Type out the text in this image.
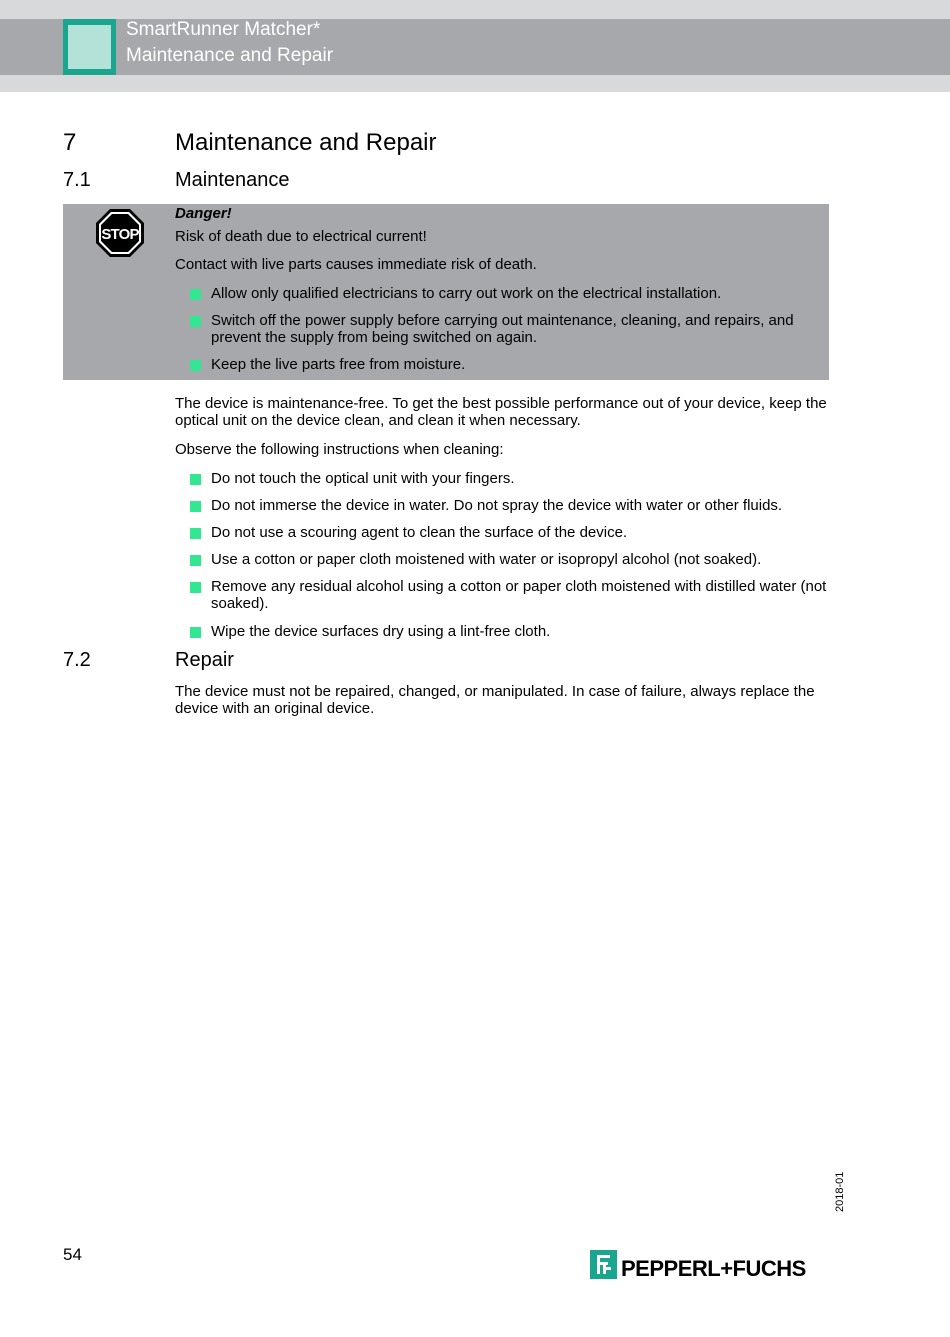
SmartRunner Matcher*
Maintenance and Repair
7	Maintenance and Repair
7.1	Maintenance
STOP
Danger!
Risk of death due to electrical current!
Contact with live parts causes immediate risk of death.
Allow only qualified electricians to carry out work on the electrical installation.
Switch off the power supply before carrying out maintenance, cleaning, and repairs, and prevent the supply from being switched on again.
Keep the live parts free from moisture.
The device is maintenance-free. To get the best possible performance out of your device, keep the optical unit on the device clean, and clean it when necessary.
Observe the following instructions when cleaning:
Do not touch the optical unit with your fingers.
Do not immerse the device in water. Do not spray the device with water or other fluids.
Do not use a scouring agent to clean the surface of the device.
Use a cotton or paper cloth moistened with water or isopropyl alcohol (not soaked).
Remove any residual alcohol using a cotton or paper cloth moistened with distilled water (not soaked).
Wipe the device surfaces dry using a lint-free cloth.
7.2	Repair
The device must not be repaired, changed, or manipulated. In case of failure, always replace the device with an original device.
2018-01
54
PEPPERL+FUCHS
